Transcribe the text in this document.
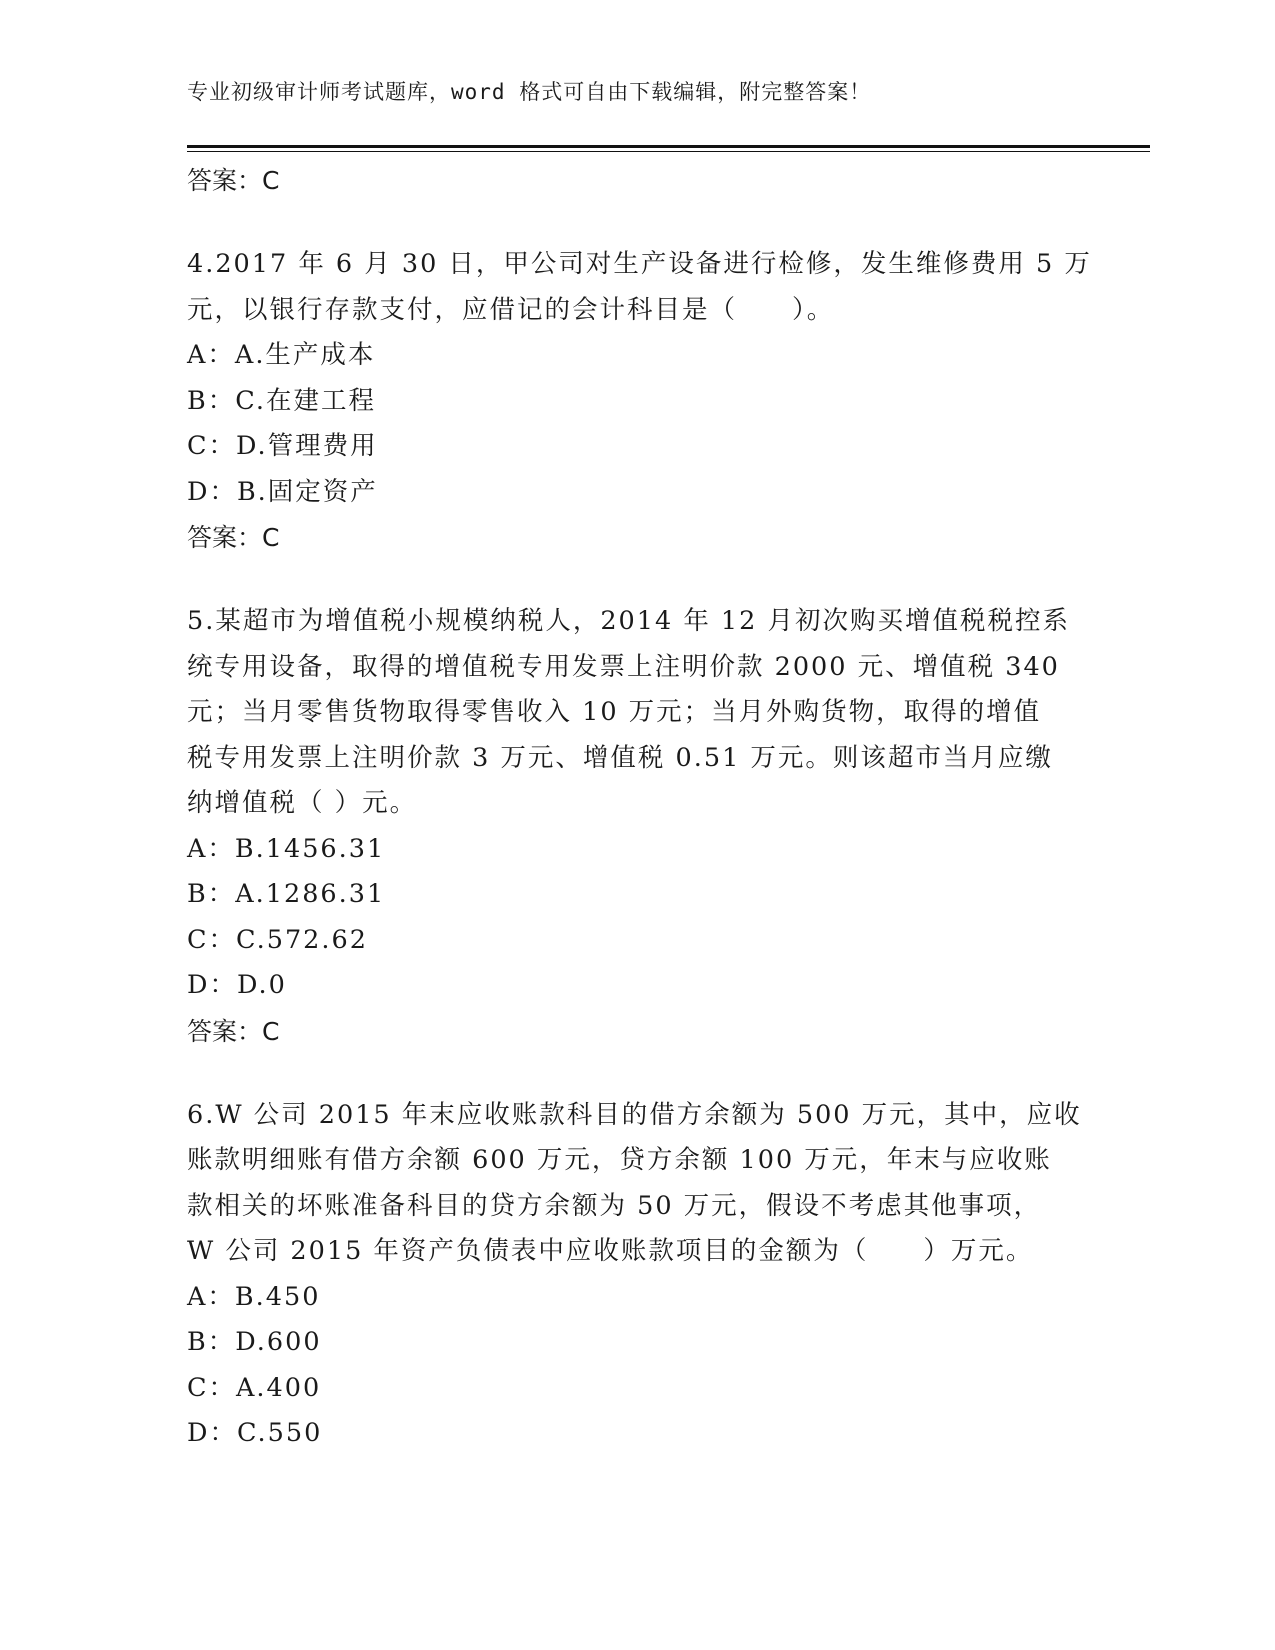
专业初级审计师考试题库，word 格式可自由下载编辑，附完整答案！
答案：C

4.2017 年 6 月 30 日，甲公司对生产设备进行检修，发生维修费用 5 万
元，以银行存款支付，应借记的会计科目是（　　）。

A：A.生产成本
B：C.在建工程
C：D.管理费用
D：B.固定资产
答案：C

5.某超市为增值税小规模纳税人，2014 年 12 月初次购买增值税税控系
统专用设备，取得的增值税专用发票上注明价款 2000 元、增值税 340
元；当月零售货物取得零售收入 10 万元；当月外购货物，取得的增值
税专用发票上注明价款 3 万元、增值税 0.51 万元。则该超市当月应缴
纳增值税（ ）元。

A：B.1456.31
B：A.1286.31
C：C.572.62
D：D.0
答案：C

6.W 公司 2015 年末应收账款科目的借方余额为 500 万元，其中，应收
账款明细账有借方余额 600 万元，贷方余额 100 万元，年末与应收账
款相关的坏账准备科目的贷方余额为 50 万元，假设不考虑其他事项，
W 公司 2015 年资产负债表中应收账款项目的金额为（　　）万元。

A：B.450
B：D.600
C：A.400
D：C.550
